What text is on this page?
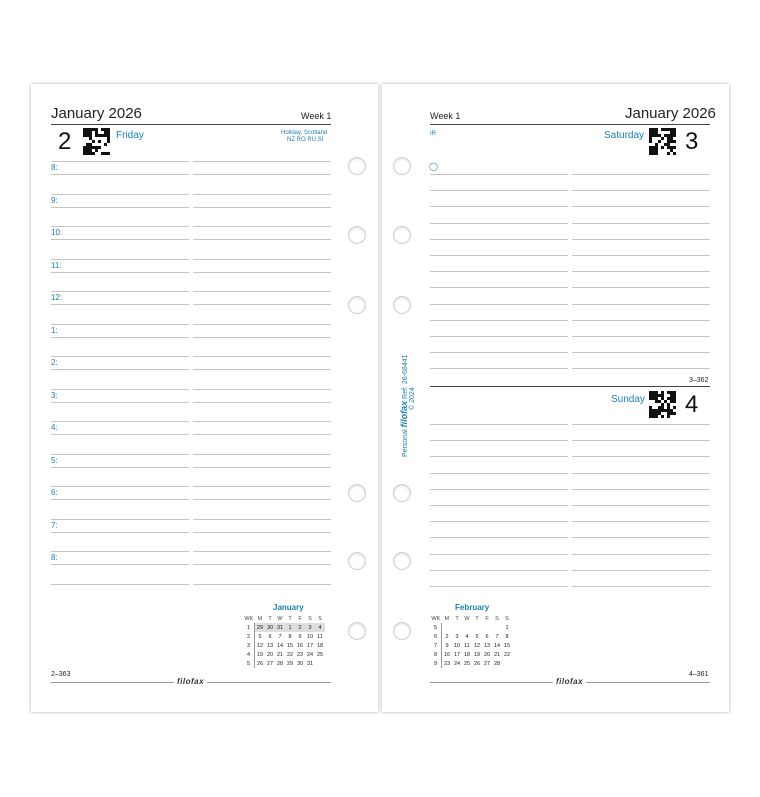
January 2026	Week 1
2	Friday	Holiday, Scotland
NZ RO RU SI
8:
9:
10:
11:
12:
1:
2:
3:
4:
5:
6:
7:
8:
January
WK	M	T	W	T	F	S	S
1	29	30	31	1	2	3	4
2	5	6	7	8	9	10	11
3	12	13	14	15	16	17	18
4	19	20	21	22	23	24	25
5	26	27	28	29	30	31	
2–363
filofax
Week 1	January 2026
IR
◯
Saturday 3
3–362
Sunday 4
February
WK	M	T	W	T	F	S	S
5							1
6	2	3	4	5	6	7	8
7	9	10	11	12	13	14	15
8	16	17	18	19	20	21	22
9	23	24	25	26	27	28	
4–361
filofax
Personal filofax Ref: 26-68441 © 2024
